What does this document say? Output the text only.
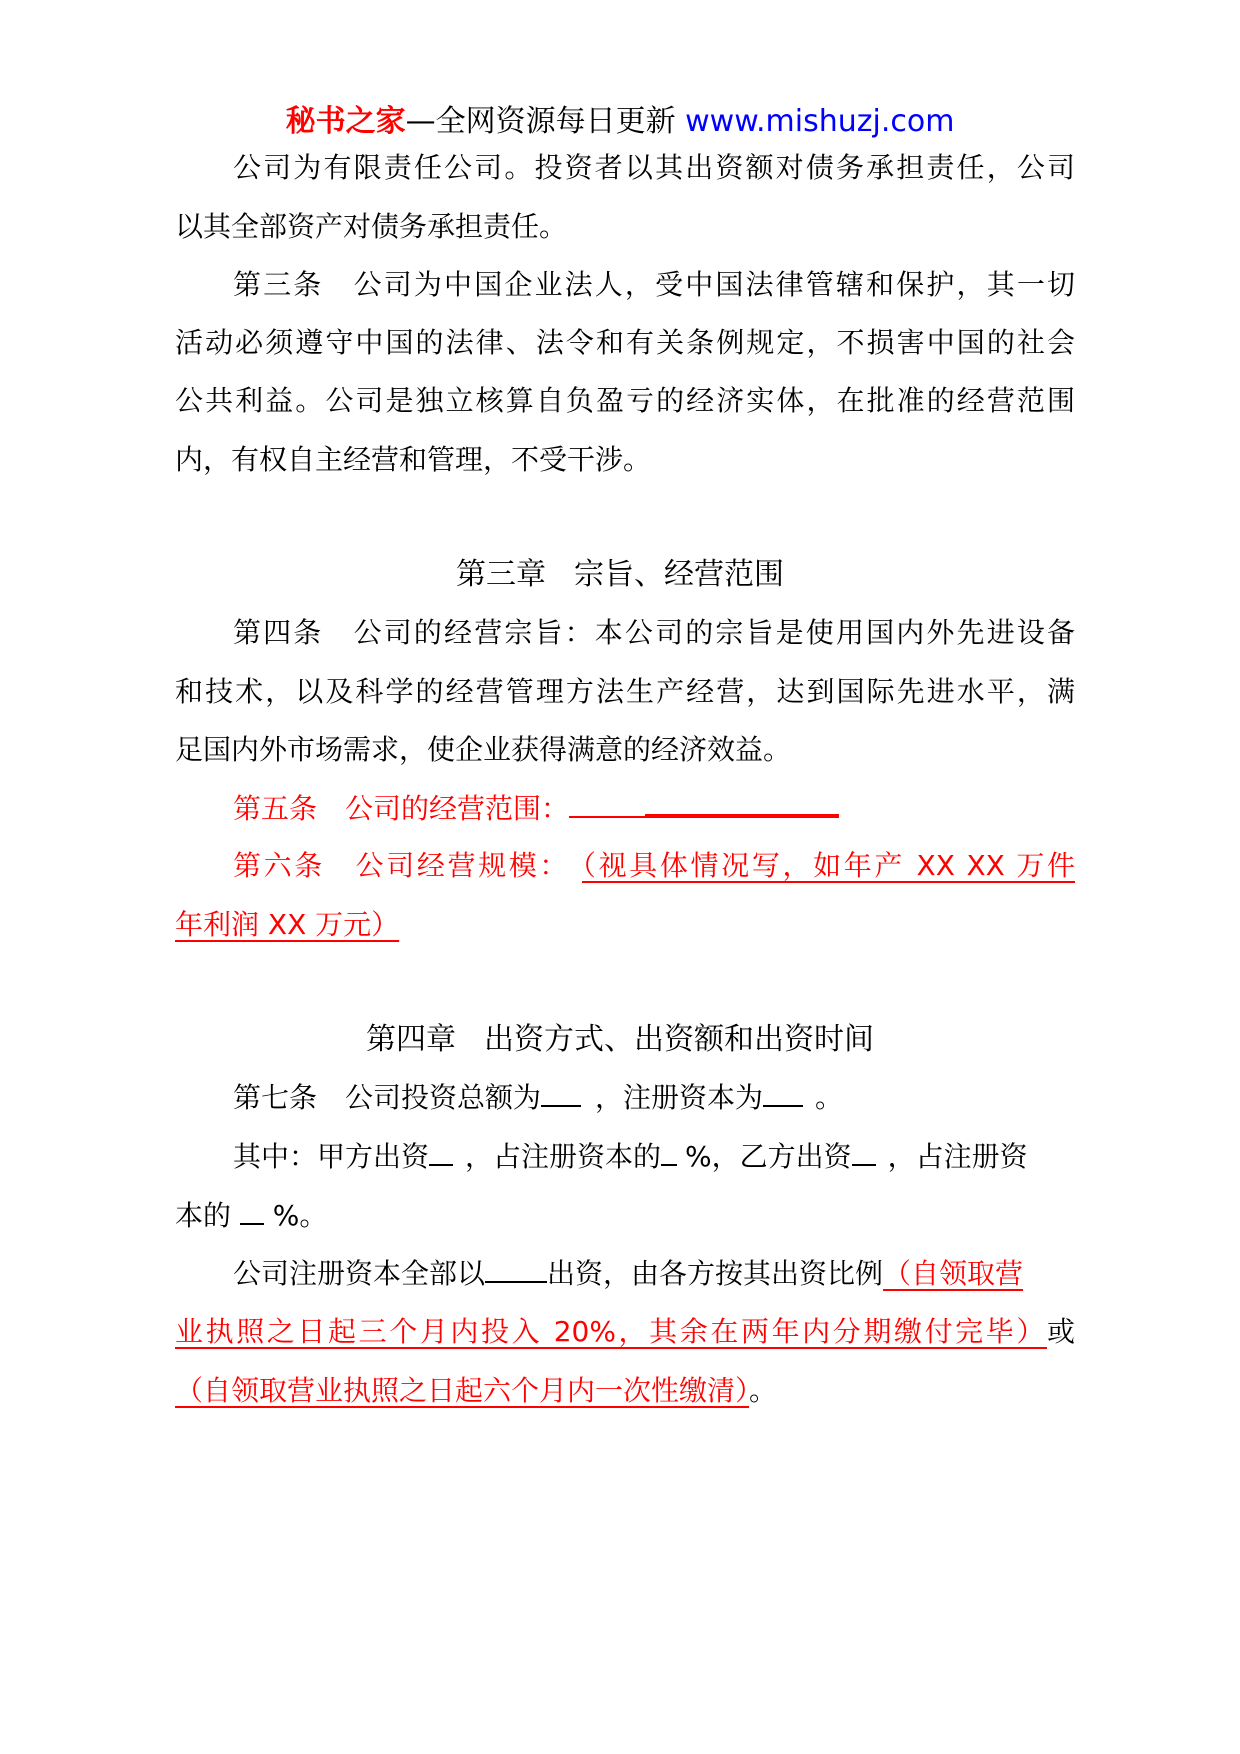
秘书之家—全网资源每日更新 www.mishuzj.com
公司为有限责任公司。投资者以其出资额对债务承担责任，公司
以其全部资产对债务承担责任。
第三条 公司为中国企业法人，受中国法律管辖和保护，其一切
活动必须遵守中国的法律、法令和有关条例规定，不损害中国的社会
公共利益。公司是独立核算自负盈亏的经济实体，在批准的经营范围
内，有权自主经营和管理，不受干涉。
第三章 宗旨、经营范围
第四条 公司的经营宗旨：本公司的宗旨是使用国内外先进设备
和技术，以及科学的经营管理方法生产经营，达到国际先进水平，满
足国内外市场需求，使企业获得满意的经济效益。
第五条 公司的经营范围：
第六条 公司经营规模： （视具体情况写，如年产 XX XX 万件
年利润 XX 万元）
第四章 出资方式、出资额和出资时间
第七条 公司投资总额为 ，注册资本为 。
其中：甲方出资 ，占注册资本的 %，乙方出资 ，占注册资
本的  %。
公司注册资本全部以 出资，由各方按其出资比例（自领取营
业执照之日起三个月内投入 20%，其余在两年内分期缴付完毕）或
（自领取营业执照之日起六个月内一次性缴清）。
